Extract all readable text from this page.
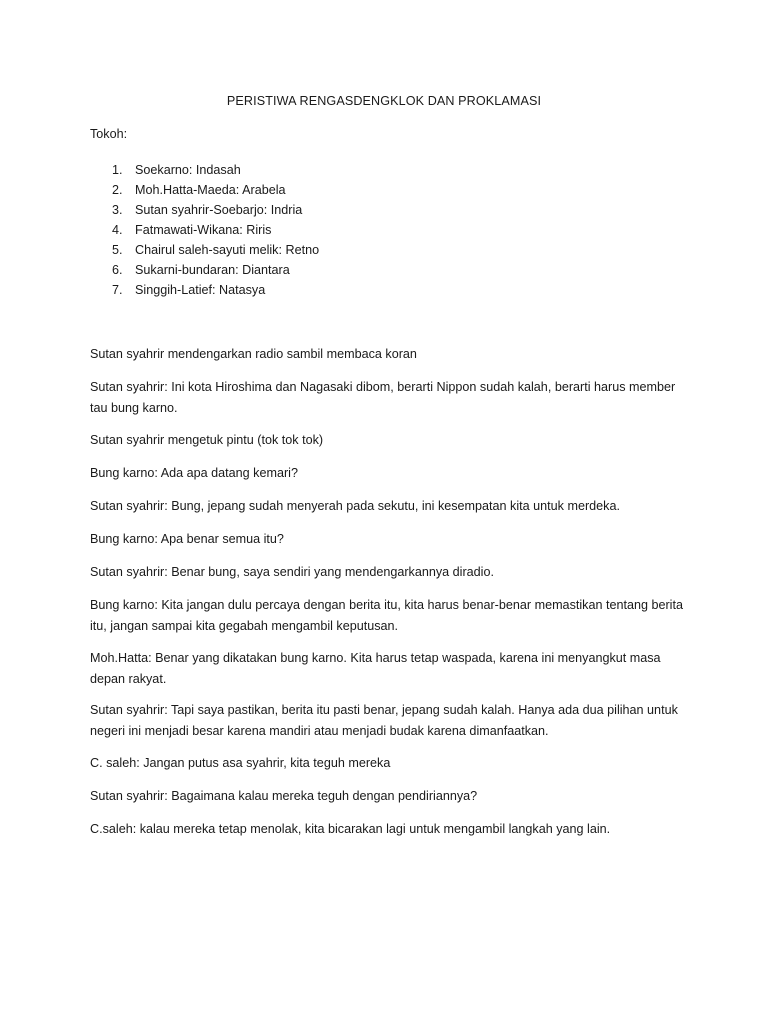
PERISTIWA RENGASDENGKLOK DAN PROKLAMASI
Tokoh:
1. Soekarno: Indasah
2. Moh.Hatta-Maeda: Arabela
3. Sutan syahrir-Soebarjo: Indria
4. Fatmawati-Wikana: Riris
5. Chairul saleh-sayuti melik: Retno
6. Sukarni-bundaran: Diantara
7. Singgih-Latief: Natasya

Sutan syahrir mendengarkan radio sambil membaca koran

Sutan syahrir: Ini kota Hiroshima dan Nagasaki dibom, berarti Nippon sudah kalah, berarti harus member tau bung karno.

Sutan syahrir mengetuk pintu (tok tok tok)

Bung karno: Ada apa datang kemari?

Sutan syahrir: Bung, jepang sudah menyerah pada sekutu, ini kesempatan kita untuk merdeka.

Bung karno: Apa benar semua itu?

Sutan syahrir: Benar bung, saya sendiri yang mendengarkannya diradio.

Bung karno: Kita jangan dulu percaya dengan berita itu, kita harus benar-benar memastikan tentang berita itu, jangan sampai kita gegabah mengambil keputusan.

Moh.Hatta: Benar yang dikatakan bung karno. Kita harus tetap waspada, karena ini menyangkut masa depan rakyat.

Sutan syahrir: Tapi saya pastikan, berita itu pasti benar, jepang sudah kalah. Hanya ada dua pilihan untuk negeri ini menjadi besar karena mandiri atau menjadi budak karena dimanfaatkan.

C. saleh: Jangan putus asa syahrir, kita teguh mereka

Sutan syahrir: Bagaimana kalau mereka teguh dengan pendiriannya?

C.saleh: kalau mereka tetap menolak, kita bicarakan lagi untuk mengambil langkah yang lain.
